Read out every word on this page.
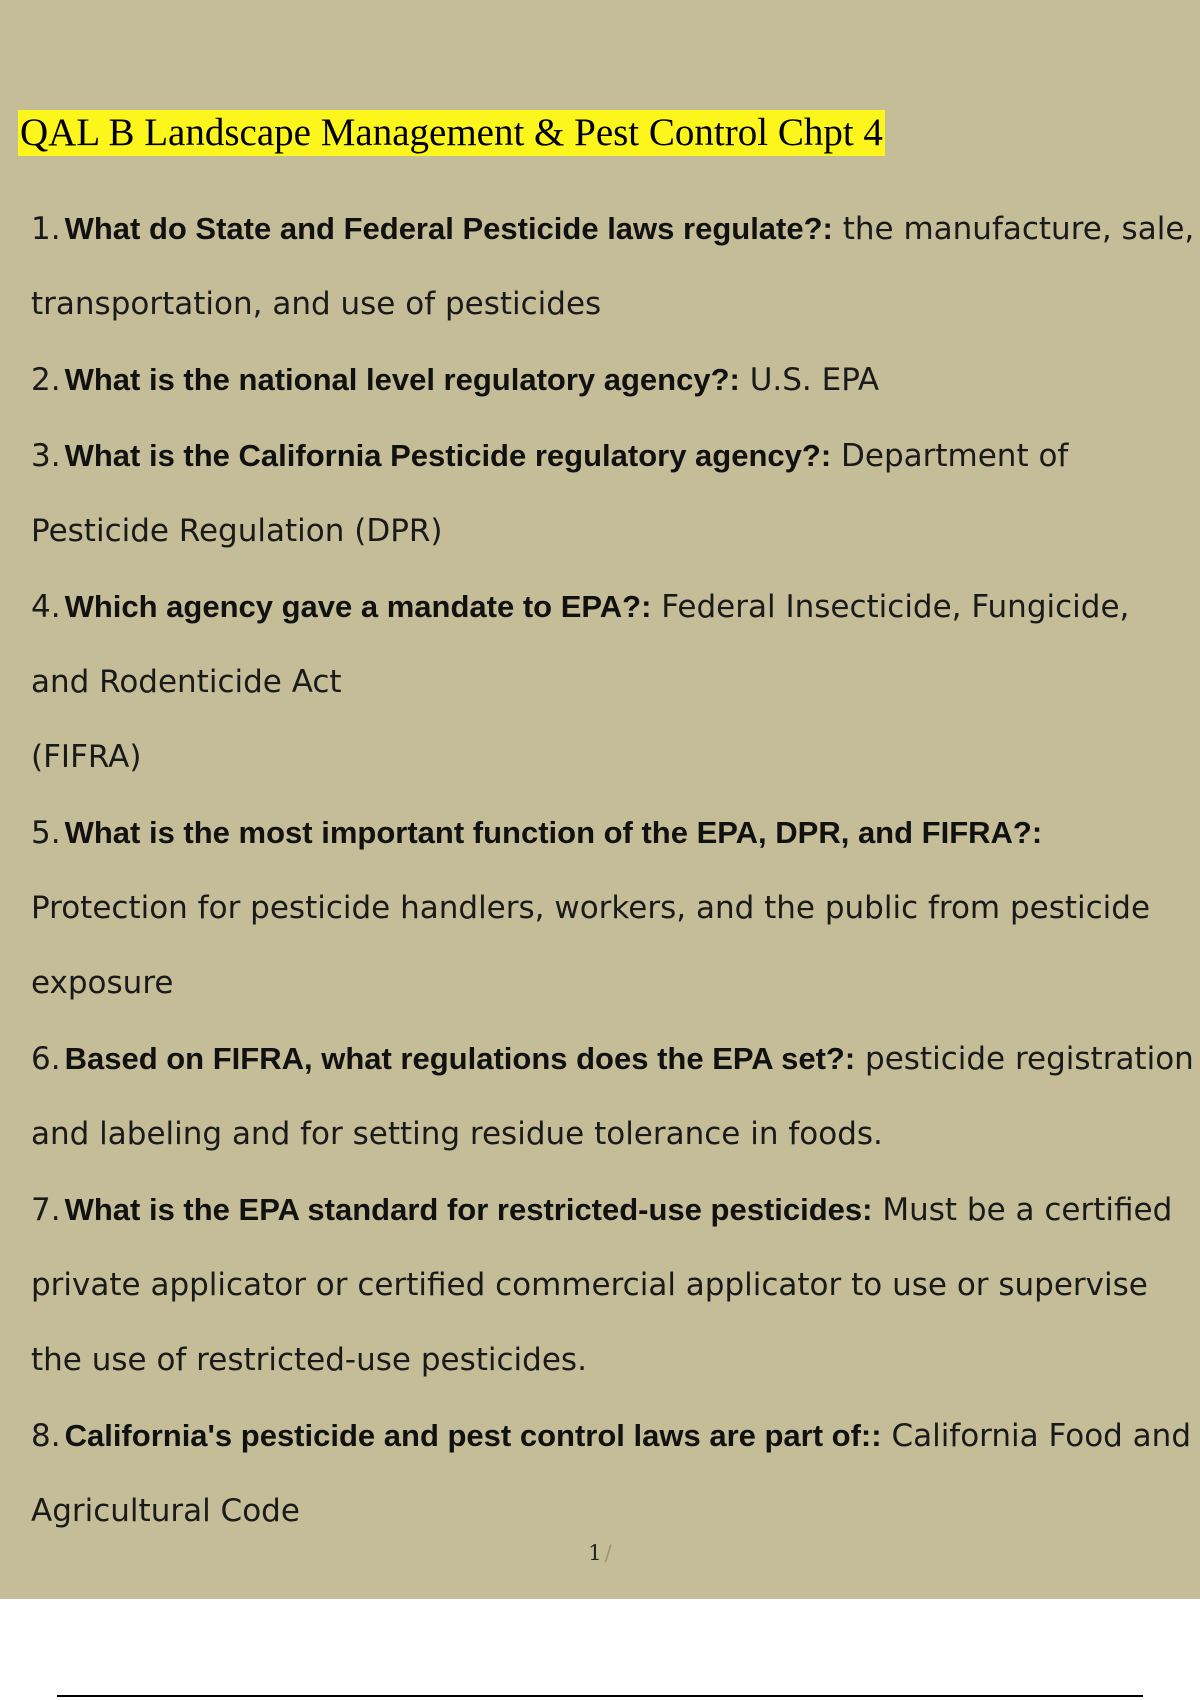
QAL B Landscape Management & Pest Control Chpt 4
1. What do State and Federal Pesticide laws regulate?: the manufacture, sale, transportation, and use of pesticides
2. What is the national level regulatory agency?: U.S. EPA
3. What is the California Pesticide regulatory agency?: Department of Pesticide Regulation (DPR)
4. Which agency gave a mandate to EPA?: Federal Insecticide, Fungicide, and Rodenticide Act
(FIFRA)
5. What is the most important function of the EPA, DPR, and FIFRA?: Protection for pesticide handlers, workers, and the public from pesticide exposure
6. Based on FIFRA, what regulations does the EPA set?: pesticide registration and labeling and for setting residue tolerance in foods.
7. What is the EPA standard for restricted-use pesticides: Must be a certified private applicator or certified commercial applicator to use or supervise the use of restricted-use pesticides.
8. California's pesticide and pest control laws are part of:: California Food and Agricultural Code
1 /
